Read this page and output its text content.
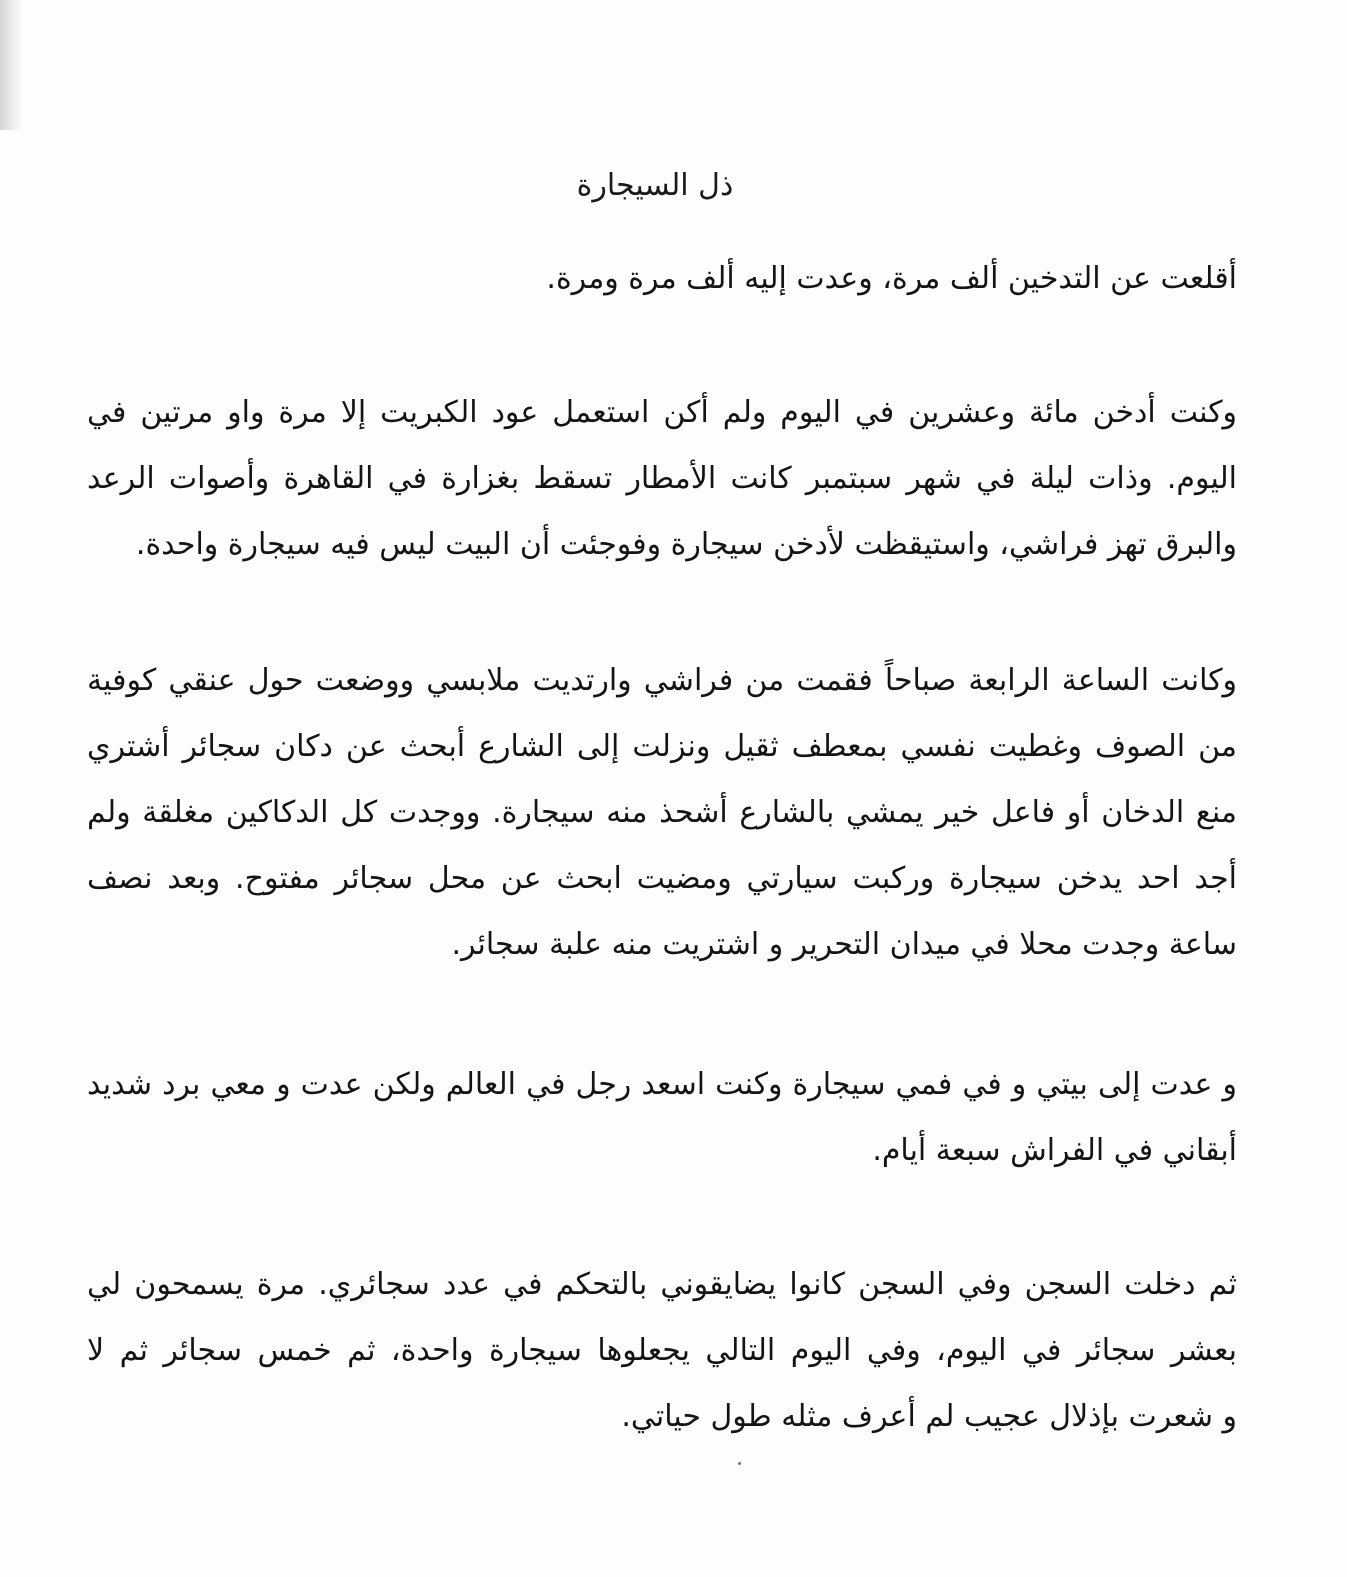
ذل السيجارة
أقلعت عن التدخين ألف مرة، وعدت إليه ألف مرة ومرة.
وكنت أدخن مائة وعشرين في اليوم ولم أكن استعمل عود الكبريت إلا مرة واو مرتين في
اليوم. وذات ليلة في شهر سبتمبر كانت الأمطار تسقط بغزارة في القاهرة وأصوات الرعد
والبرق تهز فراشي، واستيقظت لأدخن سيجارة وفوجئت أن البيت ليس فيه سيجارة واحدة.
وكانت الساعة الرابعة صباحاً فقمت من فراشي وارتديت ملابسي ووضعت حول عنقي كوفية
من الصوف وغطيت نفسي بمعطف ثقيل ونزلت إلى الشارع أبحث عن دكان سجائر أشتري
منع الدخان أو فاعل خير يمشي بالشارع أشحذ منه سيجارة. ووجدت كل الدكاكين مغلقة ولم
أجد احد يدخن سيجارة وركبت سيارتي ومضيت ابحث عن محل سجائر مفتوح. وبعد نصف
ساعة وجدت محلا في ميدان التحرير و اشتريت منه علبة سجائر.
و عدت إلى بيتي و في فمي سيجارة وكنت اسعد رجل في العالم ولكن عدت و معي برد شديد
أبقاني في الفراش سبعة أيام.
ثم دخلت السجن وفي السجن كانوا يضايقوني بالتحكم في عدد سجائري. مرة يسمحون لي
بعشر سجائر في اليوم، وفي اليوم التالي يجعلوها سيجارة واحدة، ثم خمس سجائر ثم لا
و شعرت بإذلال عجيب لم أعرف مثله طول حياتي.
